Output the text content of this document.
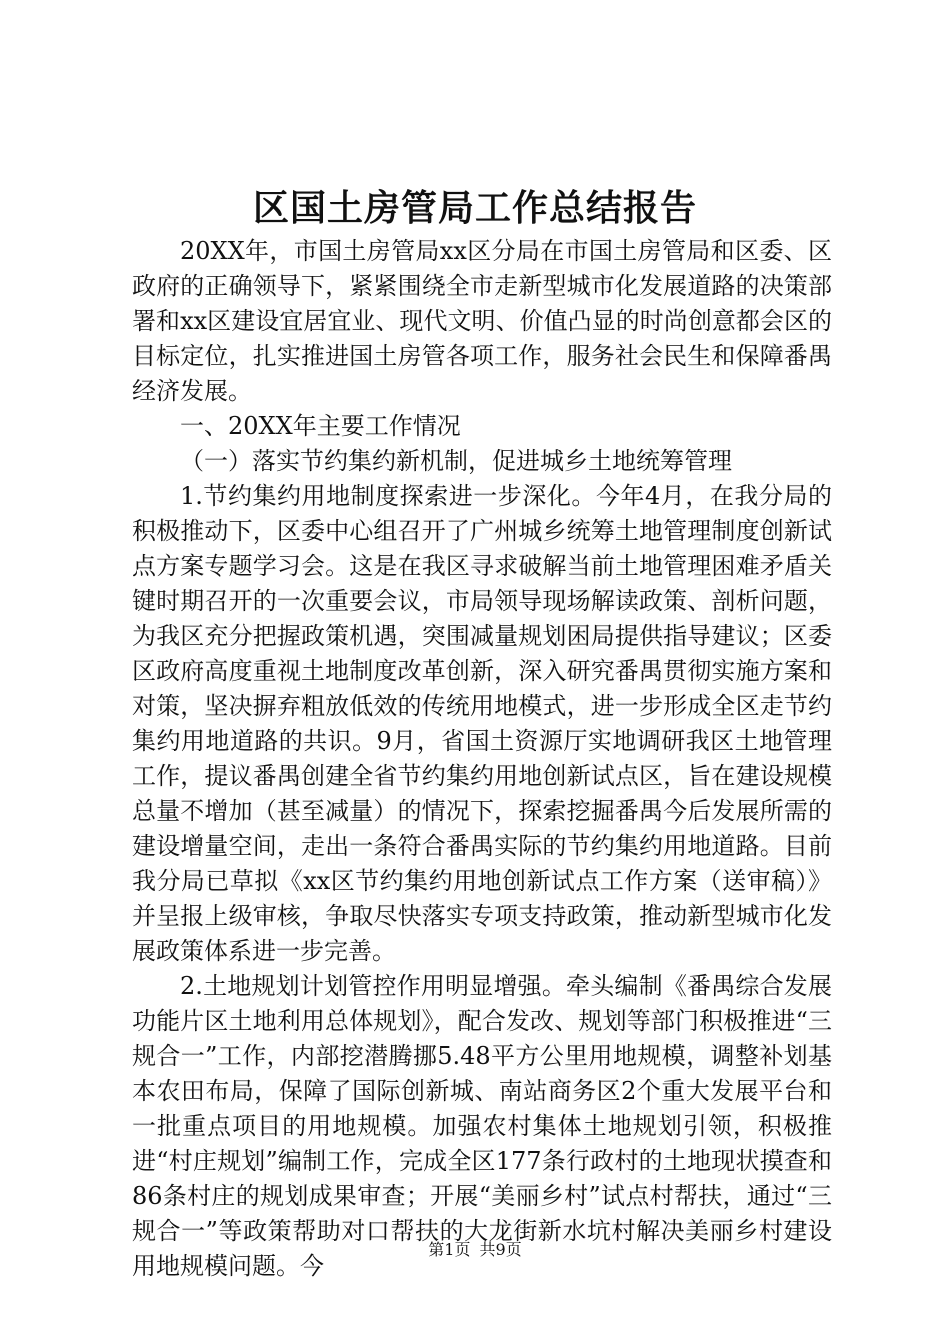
区国土房管局工作总结报告

20XX年，市国土房管局xx区分局在市国土房管局和区委、区政府的正确领导下，紧紧围绕全市走新型城市化发展道路的决策部署和xx区建设宜居宜业、现代文明、价值凸显的时尚创意都会区的目标定位，扎实推进国土房管各项工作，服务社会民生和保障番禺经济发展。

一、20XX年主要工作情况

（一）落实节约集约新机制，促进城乡土地统筹管理

1.节约集约用地制度探索进一步深化。今年4月，在我分局的积极推动下，区委中心组召开了广州城乡统筹土地管理制度创新试点方案专题学习会。这是在我区寻求破解当前土地管理困难矛盾关键时期召开的一次重要会议，市局领导现场解读政策、剖析问题，为我区充分把握政策机遇，突围减量规划困局提供指导建议；区委区政府高度重视土地制度改革创新，深入研究番禺贯彻实施方案和对策，坚决摒弃粗放低效的传统用地模式，进一步形成全区走节约集约用地道路的共识。9月，省国土资源厅实地调研我区土地管理工作，提议番禺创建全省节约集约用地创新试点区，旨在建设规模总量不增加（甚至减量）的情况下，探索挖掘番禺今后发展所需的建设增量空间，走出一条符合番禺实际的节约集约用地道路。目前我分局已草拟《xx区节约集约用地创新试点工作方案（送审稿）》并呈报上级审核，争取尽快落实专项支持政策，推动新型城市化发展政策体系进一步完善。

2.土地规划计划管控作用明显增强。牵头编制《番禺综合发展功能片区土地利用总体规划》，配合发改、规划等部门积极推进“三规合一”工作，内部挖潜腾挪5.48平方公里用地规模，调整补划基本农田布局，保障了国际创新城、南站商务区2个重大发展平台和一批重点项目的用地规模。加强农村集体土地规划引领，积极推进“村庄规划”编制工作，完成全区177条行政村的土地现状摸查和86条村庄的规划成果审查；开展“美丽乡村”试点村帮扶，通过“三规合一”等政策帮助对口帮扶的大龙街新水坑村解决美丽乡村建设用地规模问题。今

第1页 共9页
